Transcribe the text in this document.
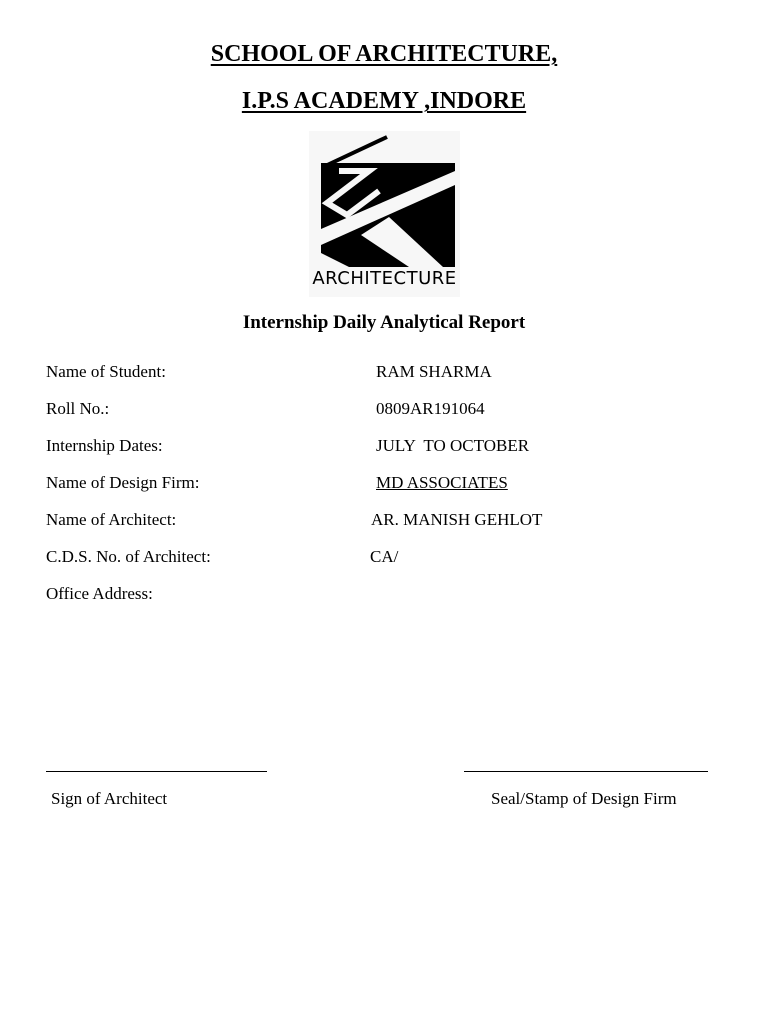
SCHOOL OF ARCHITECTURE,
I.P.S ACADEMY ,INDORE
ARCHITECTURE
Internship Daily Analytical Report
Name of Student:	RAM SHARMA
Roll No.:	0809AR191064
Internship Dates:	JULY  TO OCTOBER
Name of Design Firm:	MD ASSOCIATES
Name of Architect:	AR. MANISH GEHLOT
C.D.S. No. of Architect:	CA/
Office Address:
Sign of Architect	Seal/Stamp of Design Firm
